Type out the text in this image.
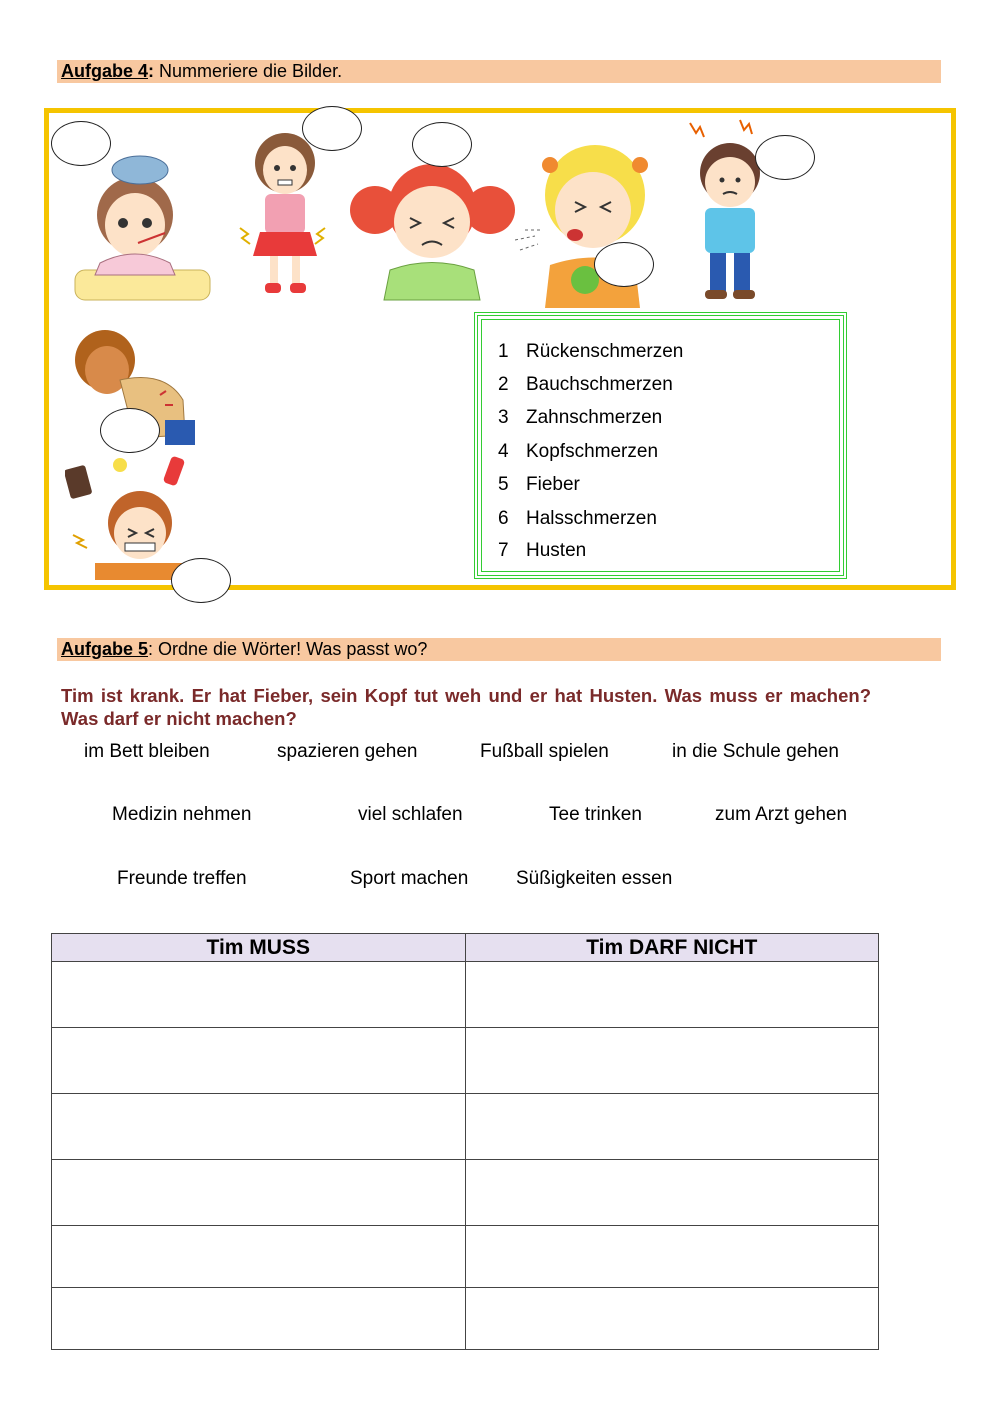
Aufgabe 4: Nummeriere die Bilder.
1 Rückenschmerzen
2 Bauchschmerzen
3 Zahnschmerzen
4 Kopfschmerzen
5 Fieber
6 Halsschmerzen
7 Husten
Aufgabe 5: Ordne die Wörter! Was passt wo?
Tim ist krank. Er hat Fieber, sein Kopf tut weh und er hat Husten. Was muss er machen? Was darf er nicht machen?
im Bett bleiben	spazieren gehen	Fußball spielen	in die Schule gehen
Medizin nehmen	viel schlafen	Tee trinken	zum Arzt gehen
Freunde treffen	Sport machen	Süßigkeiten essen
Tim MUSS	Tim DARF NICHT
